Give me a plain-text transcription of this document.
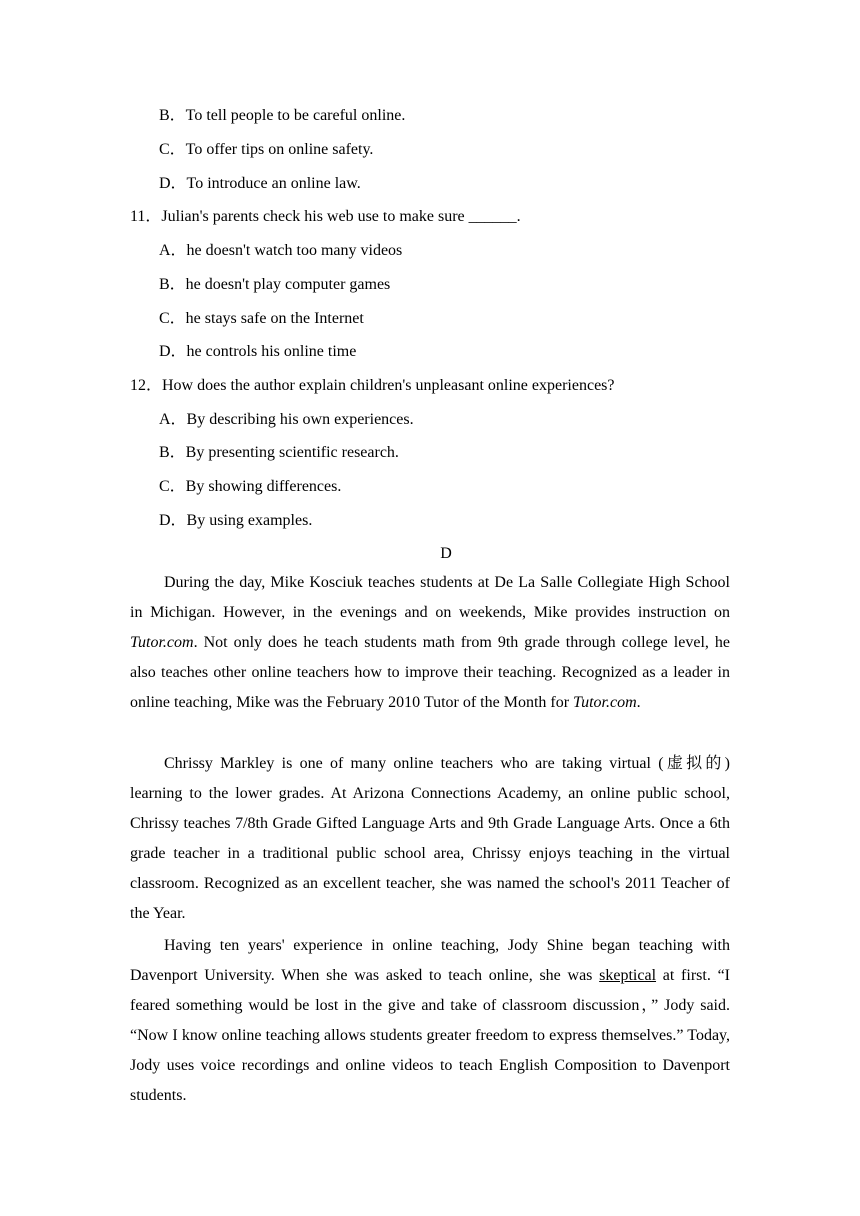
B．To tell people to be careful online.
C．To offer tips on online safety.
D．To introduce an online law.
11．Julian's parents check his web use to make sure ______.
A．he doesn't watch too many videos
B．he doesn't play computer games
C．he stays safe on the Internet
D．he controls his online time
12．How does the author explain children's unpleasant online experiences?
A．By describing his own experiences.
B．By presenting scientific research.
C．By showing differences.
D．By using examples.
D
During the day, Mike Kosciuk teaches students at De La Salle Collegiate High School in Michigan. However, in the evenings and on weekends, Mike provides instruction on Tutor.com. Not only does he teach students math from 9th grade through college level, he also teaches other online teachers how to improve their teaching. Recognized as a leader in online teaching, Mike was the February 2010 Tutor of the Month for Tutor.com.
Chrissy Markley is one of many online teachers who are taking virtual (虚拟的) learning to the lower grades. At Arizona Connections Academy, an online public school, Chrissy teaches 7/8th Grade Gifted Language Arts and 9th Grade Language Arts. Once a 6th grade teacher in a traditional public school area, Chrissy enjoys teaching in the virtual classroom. Recognized as an excellent teacher, she was named the school's 2011 Teacher of the Year.
Having ten years' experience in online teaching, Jody Shine began teaching with Davenport University. When she was asked to teach online, she was skeptical at first. “I feared something would be lost in the give and take of classroom discussion，” Jody said. “Now I know online teaching allows students greater freedom to express themselves.” Today, Jody uses voice recordings and online videos to teach English Composition to Davenport students.
